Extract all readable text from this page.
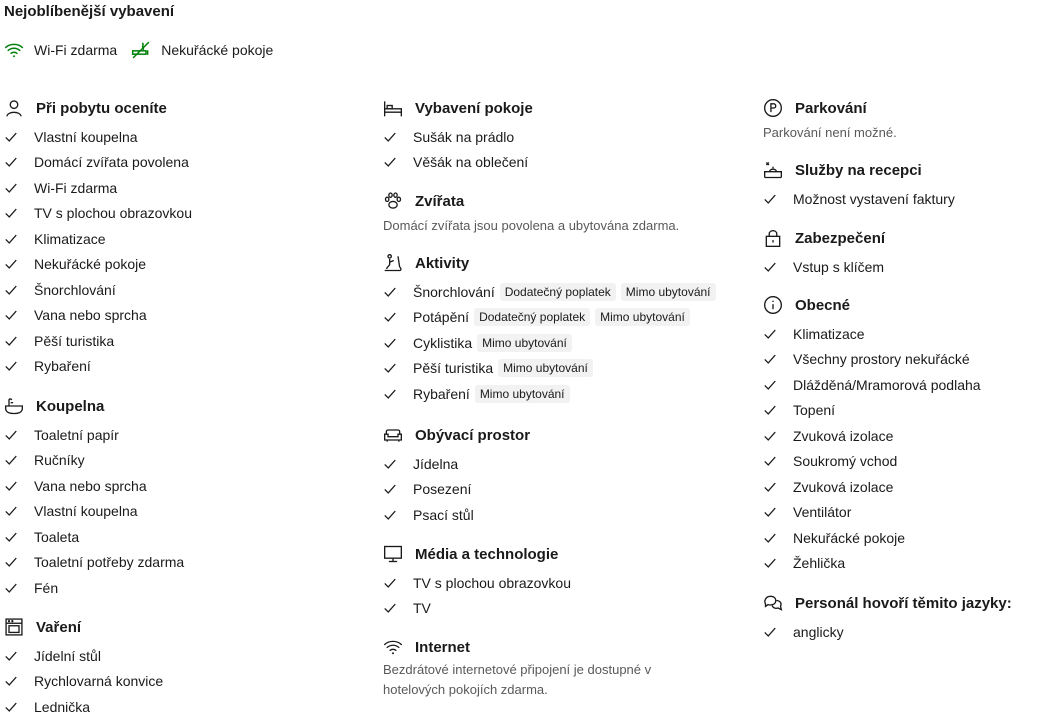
Nejoblíbenější vybavení
Wi-Fi zdarma	Nekuřácké pokoje
Při pobytu oceníte
Vlastní koupelna
Domácí zvířata povolena
Wi-Fi zdarma
TV s plochou obrazovkou
Klimatizace
Nekuřácké pokoje
Šnorchlování
Vana nebo sprcha
Pěší turistika
Rybaření
Koupelna
Toaletní papír
Ručníky
Vana nebo sprcha
Vlastní koupelna
Toaleta
Toaletní potřeby zdarma
Fén
Vaření
Jídelní stůl
Rychlovarná konvice
Lednička
Vybavení pokoje
Sušák na prádlo
Věšák na oblečení
Zvířata
Domácí zvířata jsou povolena a ubytována zdarma.
Aktivity
Šnorchlování Dodatečný poplatek	Mimo ubytování
Potápění Dodatečný poplatek	Mimo ubytování
Cyklistika Mimo ubytování
Pěší turistika Mimo ubytování
Rybaření Mimo ubytování
Obývací prostor
Jídelna
Posezení
Psací stůl
Média a technologie
TV s plochou obrazovkou
TV
Internet
Bezdrátové internetové připojení je dostupné v
hotelových pokojích zdarma.
Parkování
Parkování není možné.
Služby na recepci
Možnost vystavení faktury
Zabezpečení
Vstup s klíčem
Obecné
Klimatizace
Všechny prostory nekuřácké
Dlážděná/Mramorová podlaha
Topení
Zvuková izolace
Soukromý vchod
Zvuková izolace
Ventilátor
Nekuřácké pokoje
Žehlička
Personál hovoří těmito jazyky:
anglicky
